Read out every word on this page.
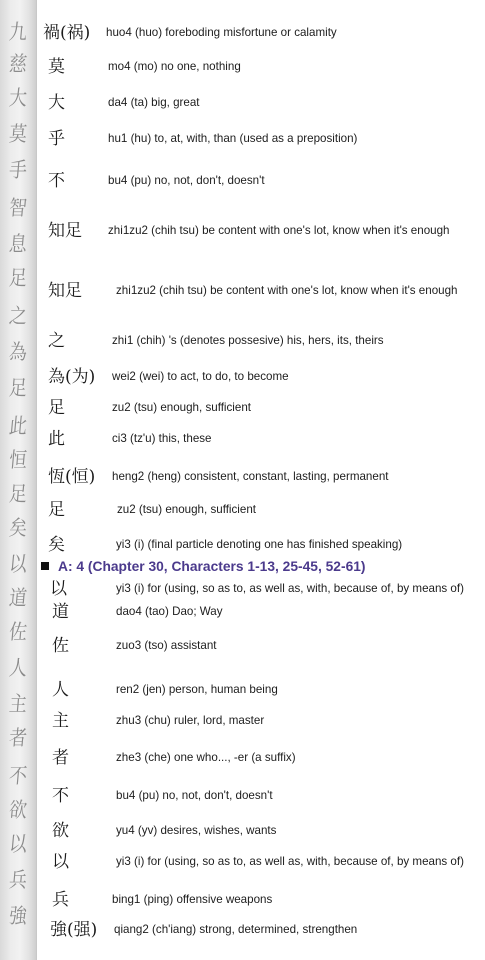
九
慈
大
莫
手
智
息
足
之
為
足
此
恒
足
矣
以
道
佐
人
主
者
不
欲
以
兵
強
禍(祸) huo4 (huo) foreboding misfortune or calamity
莫	mo4 (mo) no one, nothing
大	da4 (ta) big, great
乎	hu1 (hu) to, at, with, than (used as a preposition)
不	bu4 (pu) no, not, don't, doesn't
知足 zhi1zu2 (chih tsu) be content with one's lot, know when it's enough
知足	zhi1zu2 (chih tsu) be content with one's lot, know when it's enough
之	zhi1 (chih) 's (denotes possesive) his, hers, its, theirs
為(为) wei2 (wei) to act, to do, to become
足	zu2 (tsu) enough, sufficient
此	ci3 (tz'u) this, these
恆(恒) heng2 (heng) consistent, constant, lasting, permanent
足	zu2 (tsu) enough, sufficient
矣	yi3 (i) (final particle denoting one has finished speaking)
以	yi3 (i) for (using, so as to, as well as, with, because of, by means of)
道	dao4 (tao) Dao; Way
佐	zuo3 (tso) assistant
人	ren2 (jen) person, human being
主	zhu3 (chu) ruler, lord, master
者	zhe3 (che) one who..., -er (a suffix)
不	bu4 (pu) no, not, don't, doesn't
欲	yu4 (yv) desires, wishes, wants
以	yi3 (i) for (using, so as to, as well as, with, because of, by means of)
兵	bing1 (ping) offensive weapons
強(强) qiang2 (ch'iang) strong, determined, strengthen
A: 4 (Chapter 30, Characters 1-13, 25-45, 52-61)
